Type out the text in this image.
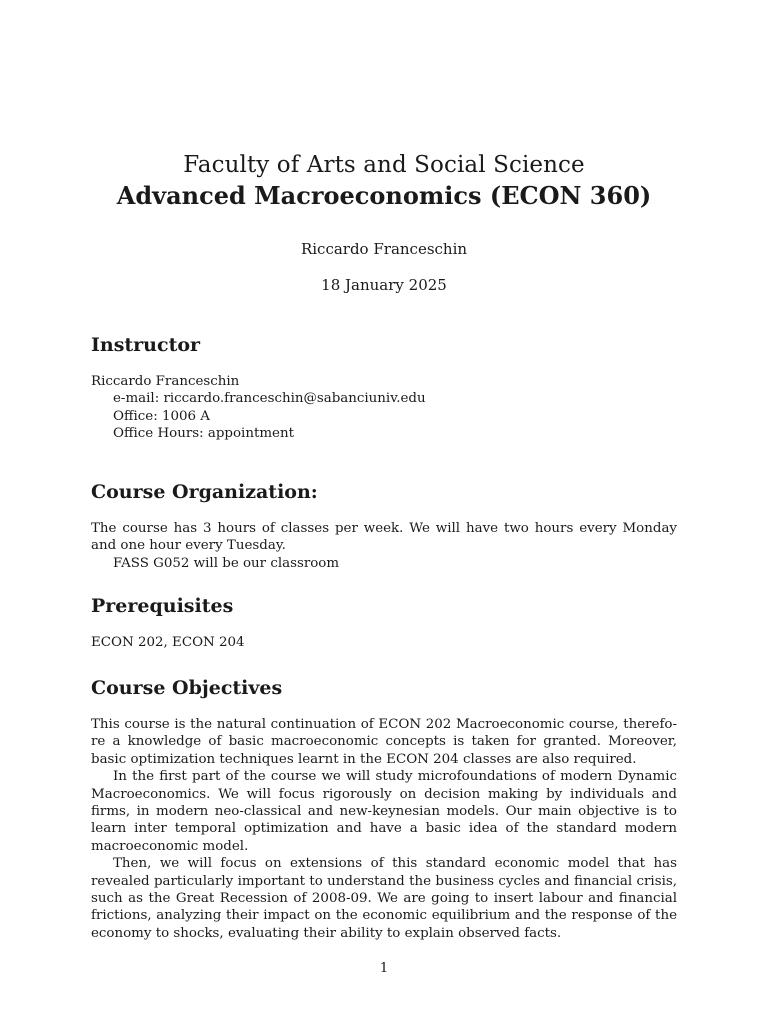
Faculty of Arts and Social Science
Advanced Macroeconomics (ECON 360)
Riccardo Franceschin
18 January 2025
Instructor
Riccardo Franceschin
e-mail: riccardo.franceschin@sabanciuniv.edu
Office: 1006 A
Office Hours: appointment
Course Organization:

The course has 3 hours of classes per week. We will have two hours every Monday and one hour every Tuesday.

FASS G052 will be our classroom

Prerequisites

ECON 202, ECON 204

Course Objectives

This course is the natural continuation of ECON 202 Macroeconomic course, therefo-re a knowledge of basic macroeconomic concepts is taken for granted. Moreover, basic optimization techniques learnt in the ECON 204 classes are also required.

In the first part of the course we will study microfoundations of modern Dynamic Macroeconomics. We will focus rigorously on decision making by individuals and firms, in modern neo-classical and new-keynesian models. Our main objective is to learn inter temporal optimization and have a basic idea of the standard modern macroeconomic model.

Then, we will focus on extensions of this standard economic model that has revealed particularly important to understand the business cycles and financial crisis, such as the Great Recession of 2008-09. We are going to insert labour and financial frictions, analyzing their impact on the economic equilibrium and the response of the economy to shocks, evaluating their ability to explain observed facts.

1
